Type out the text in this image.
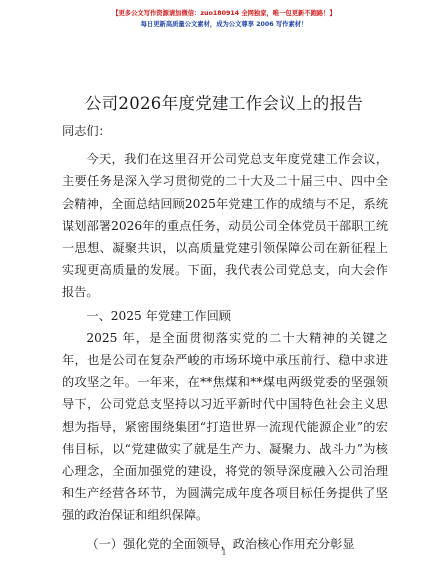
【更多公文写作资源请加微信：zuo180914 全网独家，唯一包更新不跑路！】
每日更新高质量公文素材，成为公文尊享 2006 写作素材！
公司2026年度党建工作会议上的报告

同志们：

今天，我们在这里召开公司党总支年度党建工作会议，主要任务是深入学习贯彻党的二十大及二十届三中、四中全会精神，全面总结回顾2025年党建工作的成绩与不足，系统谋划部署2026年的重点任务，动员公司全体党员干部职工统一思想、凝聚共识，以高质量党建引领保障公司在新征程上实现更高质量的发展。下面，我代表公司党总支，向大会作报告。

一、2025 年党建工作回顾

2025 年，是全面贯彻落实党的二十大精神的关键之年，也是公司在复杂严峻的市场环境中承压前行、稳中求进的攻坚之年。一年来，在**焦煤和**煤电两级党委的坚强领导下，公司党总支坚持以习近平新时代中国特色社会主义思想为指导，紧密围绕集团“打造世界一流现代能源企业”的宏伟目标，以“党建做实了就是生产力、凝聚力、战斗力”为核心理念，全面加强党的建设，将党的领导深度融入公司治理和生产经营各环节，为圆满完成年度各项目标任务提供了坚强的政治保证和组织保障。

（一）强化党的全面领导，政治核心作用充分彰显

1
